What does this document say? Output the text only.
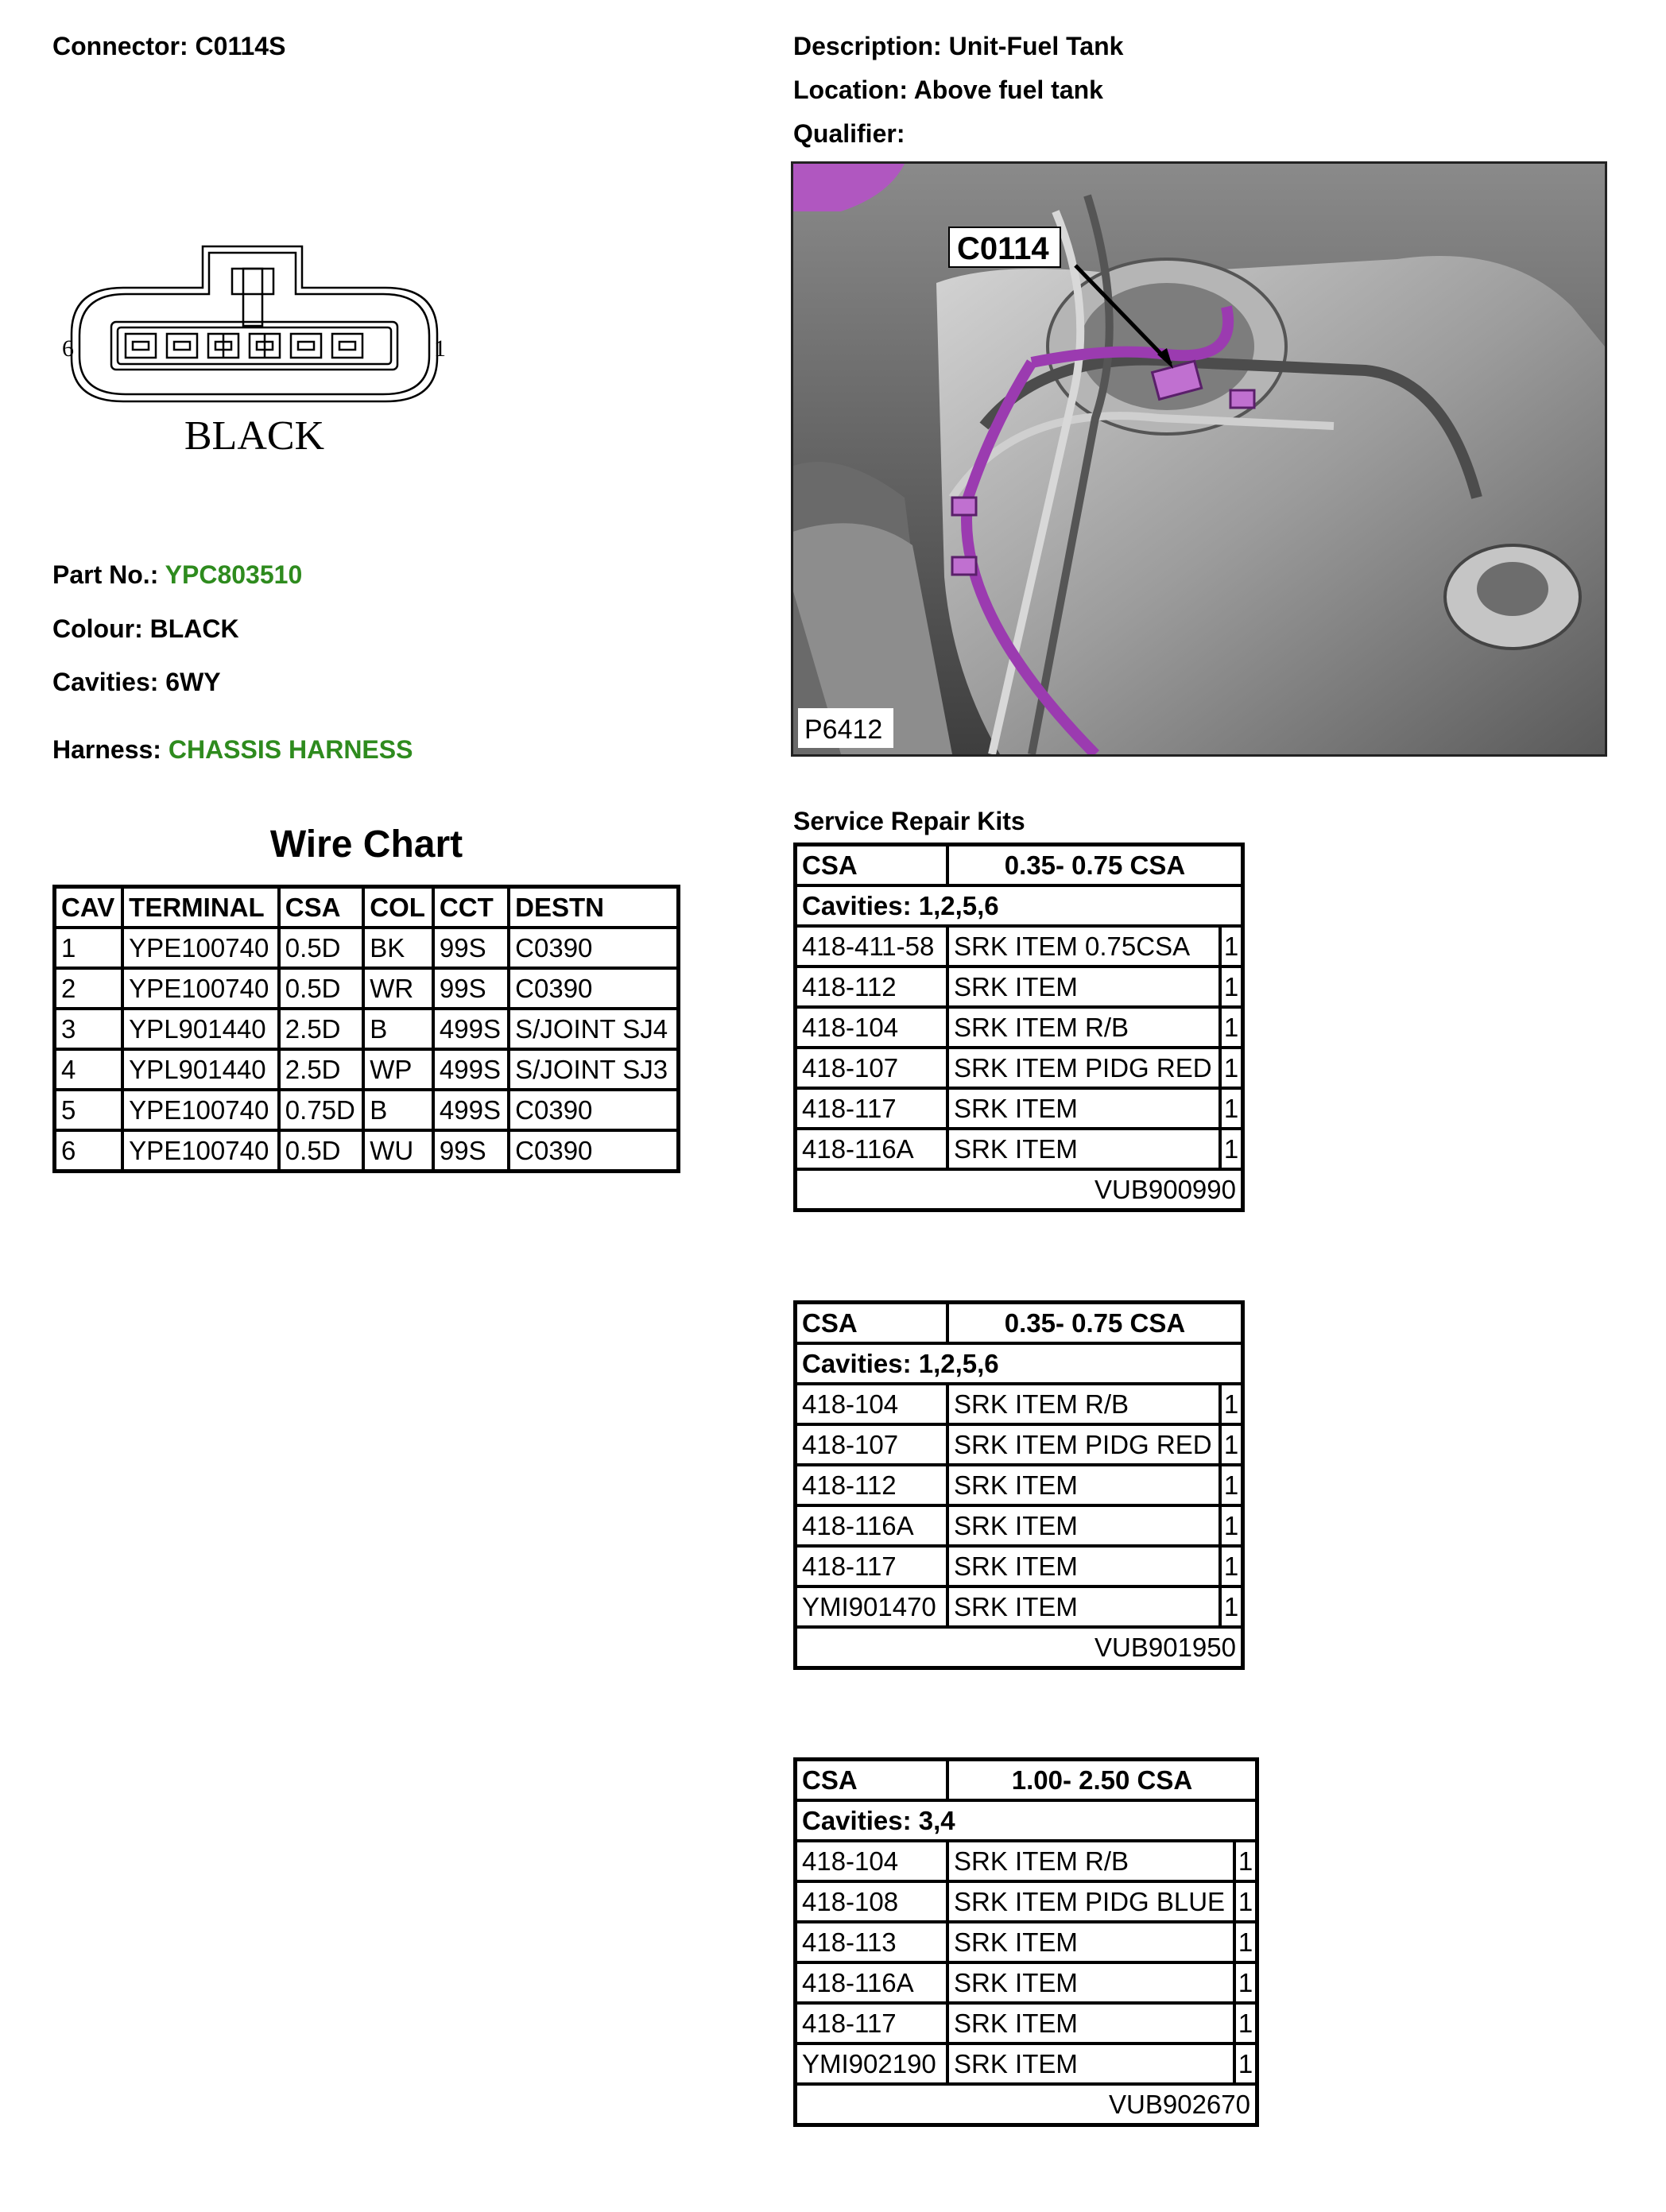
Connector: C0114S	Description: Unit-Fuel Tank
Location: Above fuel tank
Qualifier:
6	1
BLACK
C0114
P6412
Part No.: YPC803510
Colour: BLACK
Cavities: 6WY
Harness: CHASSIS HARNESS
Wire Chart
CAV	TERMINAL	CSA	COL	CCT	DESTN
1	YPE100740	0.5D	BK	99S	C0390
2	YPE100740	0.5D	WR	99S	C0390
3	YPL901440	2.5D	B	499S	S/JOINT SJ4
4	YPL901440	2.5D	WP	499S	S/JOINT SJ3
5	YPE100740	0.75D	B	499S	C0390
6	YPE100740	0.5D	WU	99S	C0390
Service Repair Kits
CSA	0.35- 0.75 CSA	
Cavities: 1,2,5,6		
418-411-58	SRK ITEM 0.75CSA	1
418-112	SRK ITEM	1
418-104	SRK ITEM R/B	1
418-107	SRK ITEM PIDG RED	1
418-117	SRK ITEM	1
418-116A	SRK ITEM	1
VUB900990		
CSA	0.35- 0.75 CSA	
Cavities: 1,2,5,6		
418-104	SRK ITEM R/B	1
418-107	SRK ITEM PIDG RED	1
418-112	SRK ITEM	1
418-116A	SRK ITEM	1
418-117	SRK ITEM	1
YMI901470	SRK ITEM	1
VUB901950		
CSA	1.00- 2.50 CSA	
Cavities: 3,4		
418-104	SRK ITEM R/B	1
418-108	SRK ITEM PIDG BLUE	1
418-113	SRK ITEM	1
418-116A	SRK ITEM	1
418-117	SRK ITEM	1
YMI902190	SRK ITEM	1
VUB902670		
